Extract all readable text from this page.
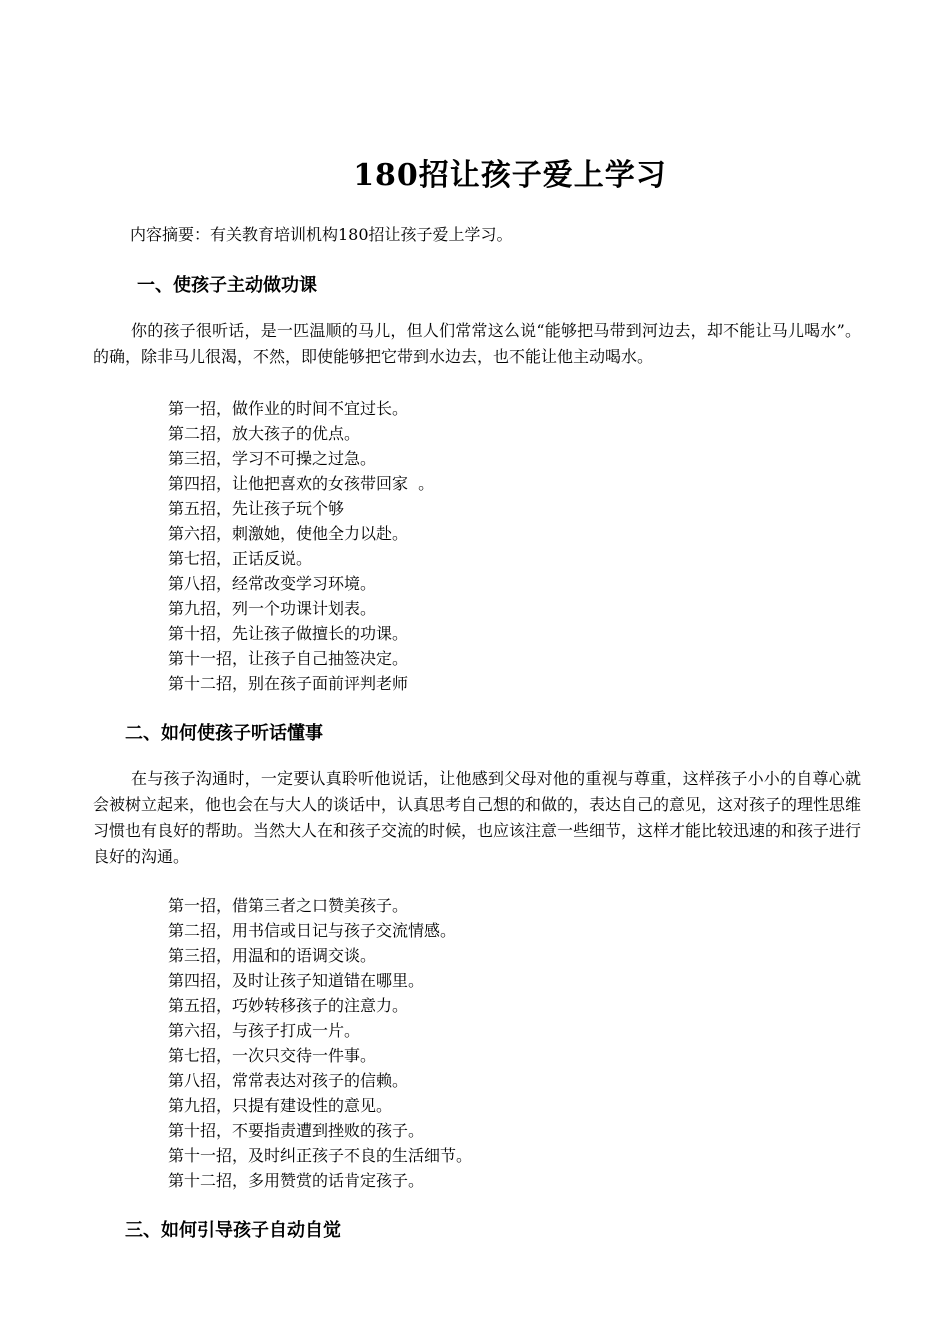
180招让孩子爱上学习
内容摘要：有关教育培训机构180招让孩子爱上学习。
一、使孩子主动做功课
你的孩子很听话，是一匹温顺的马儿，但人们常常这么说“能够把马带到河边去，却不能让马儿喝水”。的确，除非马儿很渴，不然，即使能够把它带到水边去，也不能让他主动喝水。
第一招，做作业的时间不宜过长。
第二招，放大孩子的优点。
第三招，学习不可操之过急。
第四招，让他把喜欢的女孩带回家  。
第五招，先让孩子玩个够
第六招，刺激她，使他全力以赴。
第七招，正话反说。
第八招，经常改变学习环境。
第九招，列一个功课计划表。
第十招，先让孩子做擅长的功课。
第十一招，让孩子自己抽签决定。
第十二招，别在孩子面前评判老师
二、如何使孩子听话懂事
在与孩子沟通时，一定要认真聆听他说话，让他感到父母对他的重视与尊重，这样孩子小小的自尊心就会被树立起来，他也会在与大人的谈话中，认真思考自己想的和做的，表达自己的意见，这对孩子的理性思维习惯也有良好的帮助。当然大人在和孩子交流的时候，也应该注意一些细节，这样才能比较迅速的和孩子进行良好的沟通。
第一招，借第三者之口赞美孩子。
第二招，用书信或日记与孩子交流情感。
第三招，用温和的语调交谈。
第四招，及时让孩子知道错在哪里。
第五招，巧妙转移孩子的注意力。
第六招，与孩子打成一片。
第七招，一次只交待一件事。
第八招，常常表达对孩子的信赖。
第九招，只提有建设性的意见。
第十招，不要指责遭到挫败的孩子。
第十一招，及时纠正孩子不良的生活细节。
第十二招，多用赞赏的话肯定孩子。
三、如何引导孩子自动自觉
